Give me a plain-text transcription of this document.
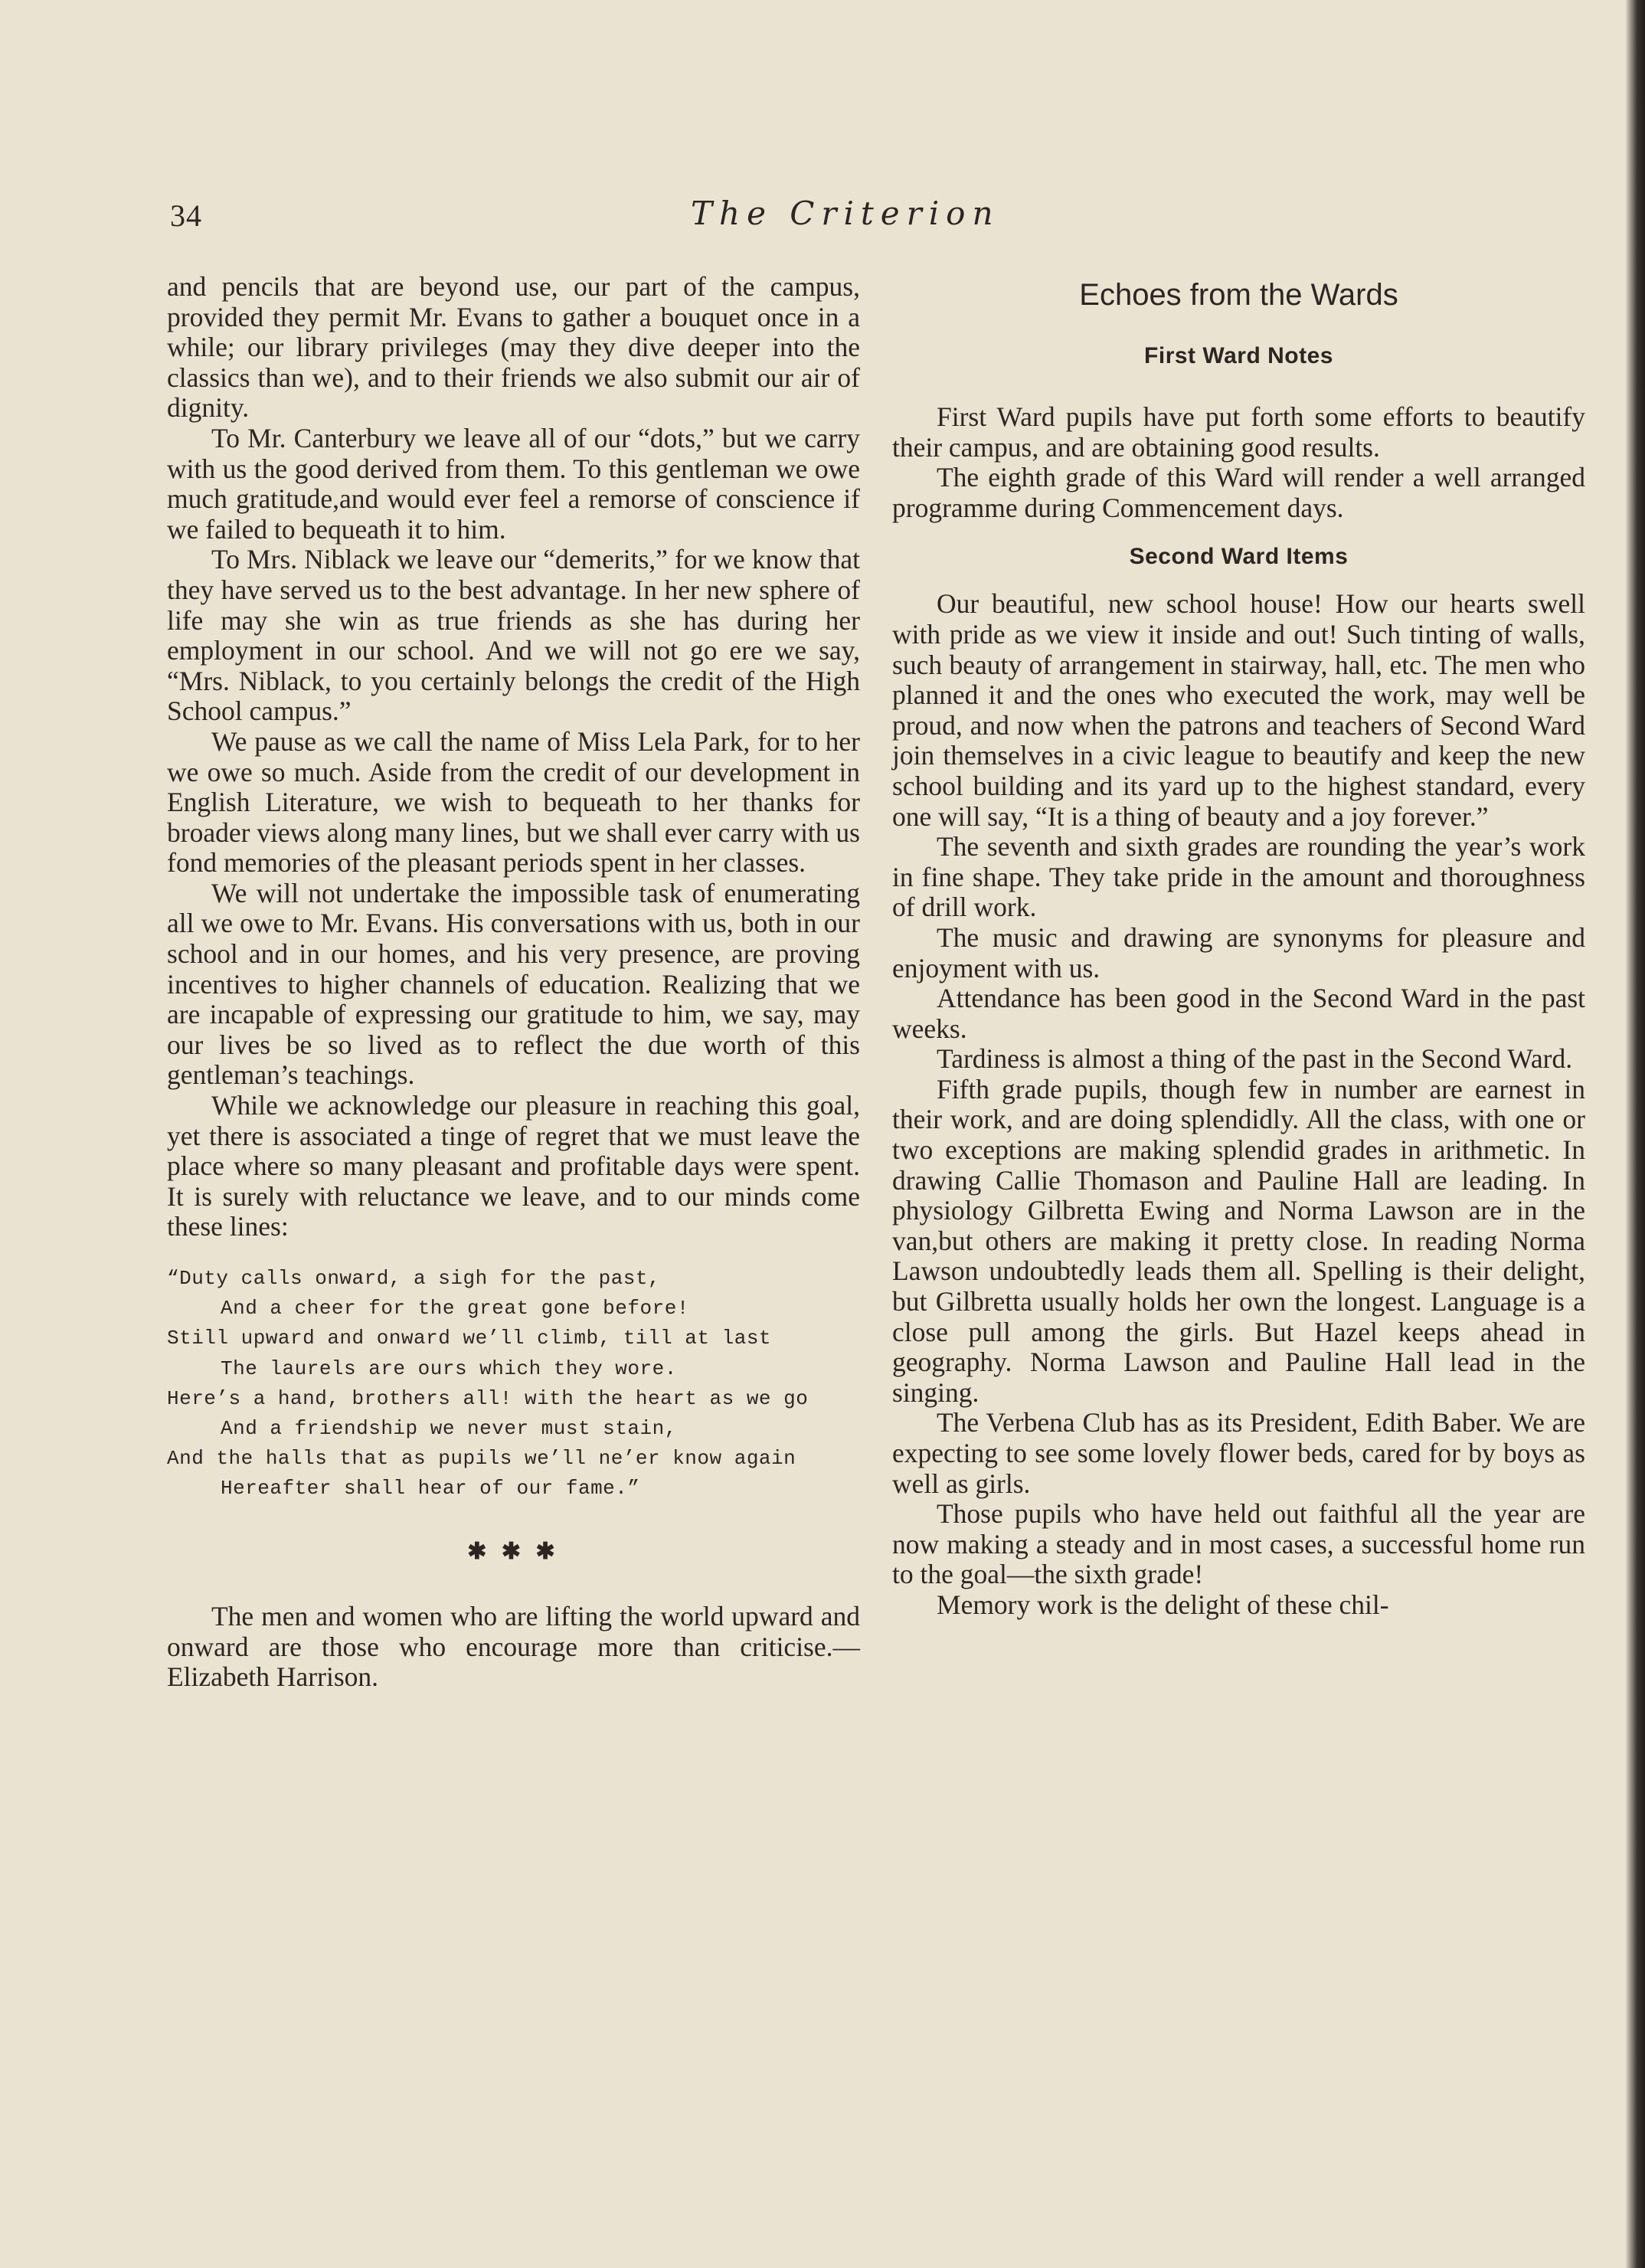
34	The Criterion

and pencils that are beyond use, our part of the campus, provided they permit Mr. Evans to gather a bouquet once in a while; our library privileges (may they dive deeper into the classics than we), and to their friends we also submit our air of dignity.

To Mr. Canterbury we leave all of our “dots,” but we carry with us the good derived from them. To this gentleman we owe much gratitude,and would ever feel a remorse of conscience if we failed to bequeath it to him.

To Mrs. Niblack we leave our “demerits,” for we know that they have served us to the best advantage. In her new sphere of life may she win as true friends as she has during her employment in our school. And we will not go ere we say, “Mrs. Niblack, to you certainly belongs the credit of the High School campus.”

We pause as we call the name of Miss Lela Park, for to her we owe so much. Aside from the credit of our development in English Literature, we wish to bequeath to her thanks for broader views along many lines, but we shall ever carry with us fond memories of the pleasant periods spent in her classes.

We will not undertake the impossible task of enumerating all we owe to Mr. Evans. His conversations with us, both in our school and in our homes, and his very presence, are proving incentives to higher channels of education. Realizing that we are incapable of expressing our gratitude to him, we say, may our lives be so lived as to reflect the due worth of this gentleman’s teachings.

While we acknowledge our pleasure in reaching this goal, yet there is associated a tinge of regret that we must leave the place where so many pleasant and profitable days were spent. It is surely with reluctance we leave, and to our minds come these lines:

“Duty calls onward, a sigh for the past,

And a cheer for the great gone before!

Still upward and onward we’ll climb, till at last

The laurels are ours which they wore.

Here’s a hand, brothers all! with the heart as we go

And a friendship we never must stain,

And the halls that as pupils we’ll ne’er know again

Hereafter shall hear of our fame.”

✱ ✱ ✱

The men and women who are lifting the world upward and onward are those who encourage more than criticise.—Elizabeth Harrison.

Echoes from the Wards
First Ward Notes

First Ward pupils have put forth some efforts to beautify their campus, and are obtaining good results.

The eighth grade of this Ward will render a well arranged programme during Commencement days.

Second Ward Items

Our beautiful, new school house! How our hearts swell with pride as we view it inside and out! Such tinting of walls, such beauty of arrangement in stairway, hall, etc. The men who planned it and the ones who executed the work, may well be proud, and now when the patrons and teachers of Second Ward join themselves in a civic league to beautify and keep the new school building and its yard up to the highest standard, every one will say, “It is a thing of beauty and a joy forever.”

The seventh and sixth grades are rounding the year’s work in fine shape. They take pride in the amount and thoroughness of drill work.

The music and drawing are synonyms for pleasure and enjoyment with us.

Attendance has been good in the Second Ward in the past weeks.

Tardiness is almost a thing of the past in the Second Ward.

Fifth grade pupils, though few in number are earnest in their work, and are doing splendidly. All the class, with one or two exceptions are making splendid grades in arithmetic. In drawing Callie Thomason and Pauline Hall are leading. In physiology Gilbretta Ewing and Norma Lawson are in the van,but others are making it pretty close. In reading Norma Lawson undoubtedly leads them all. Spelling is their delight, but Gilbretta usually holds her own the longest. Language is a close pull among the girls. But Hazel keeps ahead in geography. Norma Lawson and Pauline Hall lead in the singing.

The Verbena Club has as its President, Edith Baber. We are expecting to see some lovely flower beds, cared for by boys as well as girls.

Those pupils who have held out faithful all the year are now making a steady and in most cases, a successful home run to the goal—the sixth grade!

Memory work is the delight of these chil-
